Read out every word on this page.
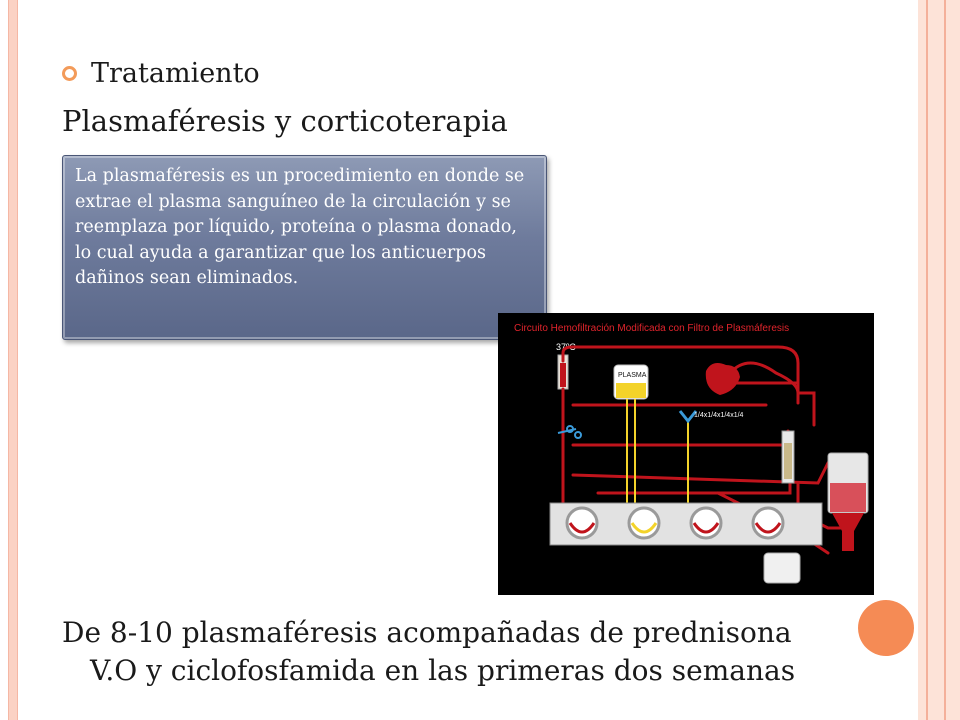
Tratamiento
Plasmaféresis y corticoterapia
La plasmaféresis es un procedimiento en donde se extrae el plasma sanguíneo de la circulación y se reemplaza por líquido, proteína o plasma donado, lo cual ayuda a garantizar que los anticuerpos dañinos sean eliminados.
Circuito Hemofiltración Modificada con Filtro de Plasmáferesis
37ºC
PLASMA
1/4x1/4x1/4x1/4
De 8-10 plasmaféresis acompañadas de prednisona
V.O y ciclofosfamida en las primeras dos semanas
